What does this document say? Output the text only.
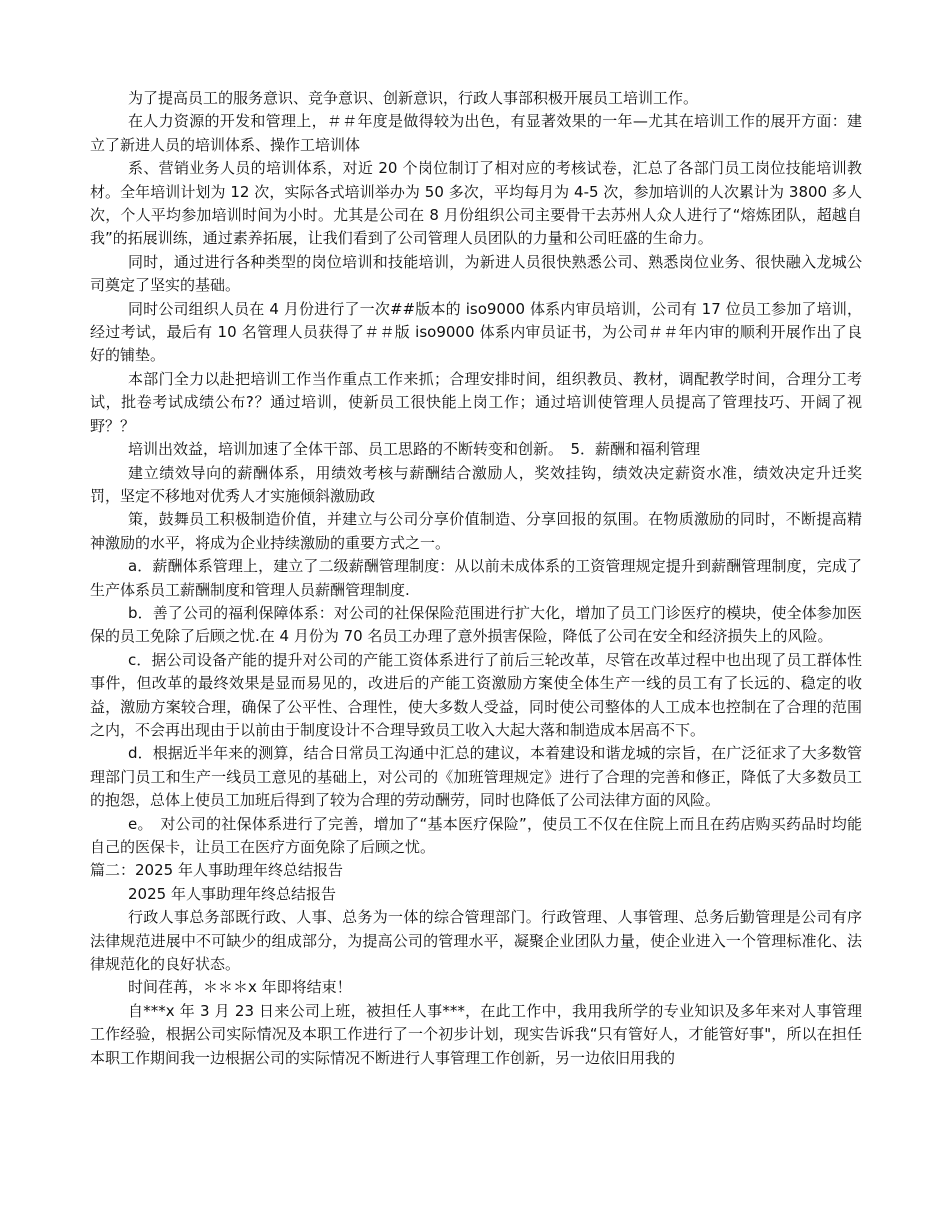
为了提高员工的服务意识、竞争意识、创新意识，行政人事部积极开展员工培训工作。

在人力资源的开发和管理上，＃＃年度是做得较为出色，有显著效果的一年—尤其在培训工作的展开方面：建立了新进人员的培训体系、操作工培训体

系、营销业务人员的培训体系，对近 20 个岗位制订了相对应的考核试卷，汇总了各部门员工岗位技能培训教材。全年培训计划为 12 次，实际各式培训举办为 50 多次，平均每月为 4-5 次，参加培训的人次累计为 3800 多人次，个人平均参加培训时间为小时。尤其是公司在 8 月份组织公司主要骨干去苏州人众人进行了“熔炼团队，超越自我”的拓展训练，通过素养拓展，让我们看到了公司管理人员团队的力量和公司旺盛的生命力。

同时，通过进行各种类型的岗位培训和技能培训，为新进人员很快熟悉公司、熟悉岗位业务、很快融入龙城公司奠定了坚实的基础。

同时公司组织人员在 4 月份进行了一次##版本的 iso9000 体系内审员培训，公司有 17 位员工参加了培训，经过考试，最后有 10 名管理人员获得了＃＃版 iso9000 体系内审员证书，为公司＃＃年内审的顺利开展作出了良好的铺垫。

本部门全力以赴把培训工作当作重点工作来抓；合理安排时间，组织教员、教材，调配教学时间，合理分工考试，批卷考试成绩公布?？通过培训，使新员工很快能上岗工作；通过培训使管理人员提高了管理技巧、开阔了视野？？

培训出效益，培训加速了全体干部、员工思路的不断转变和创新。　5．薪酬和福利管理

建立绩效导向的薪酬体系，用绩效考核与薪酬结合激励人，奖效挂钩，绩效决定薪资水准，绩效决定升迁奖罚，坚定不移地对优秀人才实施倾斜激励政

策，鼓舞员工积极制造价值，并建立与公司分享价值制造、分享回报的氛围。在物质激励的同时，不断提高精神激励的水平，将成为企业持续激励的重要方式之一。

a．薪酬体系管理上，建立了二级薪酬管理制度：从以前未成体系的工资管理规定提升到薪酬管理制度，完成了生产体系员工薪酬制度和管理人员薪酬管理制度.

b．善了公司的福利保障体系：对公司的社保保险范围进行扩大化，增加了员工门诊医疗的模块，使全体参加医保的员工免除了后顾之忧.在 4 月份为 70 名员工办理了意外损害保险，降低了公司在安全和经济损失上的风险。

c．据公司设备产能的提升对公司的产能工资体系进行了前后三轮改革，尽管在改革过程中也出现了员工群体性事件，但改革的最终效果是显而易见的，改进后的产能工资激励方案使全体生产一线的员工有了长远的、稳定的收益，激励方案较合理，确保了公平性、合理性，使大多数人受益，同时使公司整体的人工成本也控制在了合理的范围之内，不会再出现由于以前由于制度设计不合理导致员工收入大起大落和制造成本居高不下。

d．根据近半年来的测算，结合日常员工沟通中汇总的建议，本着建设和谐龙城的宗旨，在广泛征求了大多数管理部门员工和生产一线员工意见的基础上，对公司的《加班管理规定》进行了合理的完善和修正，降低了大多数员工的抱怨，总体上使员工加班后得到了较为合理的劳动酬劳，同时也降低了公司法律方面的风险。

e。　对公司的社保体系进行了完善，增加了“基本医疗保险”，使员工不仅在住院上而且在药店购买药品时均能自己的医保卡，让员工在医疗方面免除了后顾之忧。

篇二：2025 年人事助理年终总结报告

2025 年人事助理年终总结报告

行政人事总务部既行政、人事、总务为一体的综合管理部门。行政管理、人事管理、总务后勤管理是公司有序法律规范进展中不可缺少的组成部分，为提高公司的管理水平，凝聚企业团队力量，使企业进入一个管理标准化、法律规范化的良好状态。

时间荏苒，＊＊＊x 年即将结束！

自***x 年 3 月 23 日来公司上班，被担任人事***，在此工作中，我用我所学的专业知识及多年来对人事管理工作经验，根据公司实际情况及本职工作进行了一个初步计划，现实告诉我“只有管好人，才能管好事"，所以在担任本职工作期间我一边根据公司的实际情况不断进行人事管理工作创新，另一边依旧用我的
